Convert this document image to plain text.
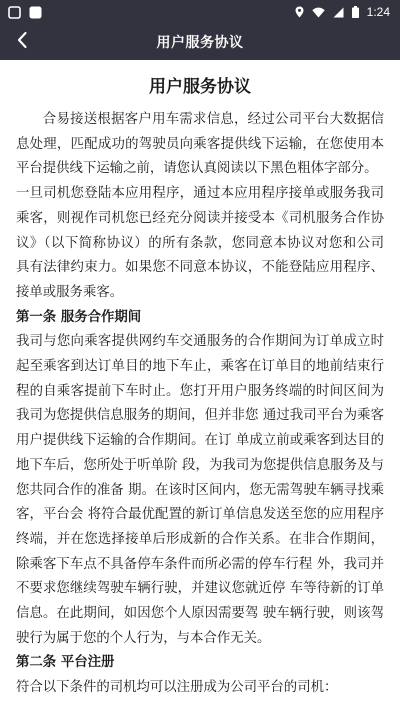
1:24
用户服务协议
用户服务协议

合易接送根据客户用车需求信息，经过公司平台大数据信息处理，匹配成功的驾驶员向乘客提供线下运输，在您使用本平台提供线下运输之前，请您认真阅读以下黑色粗体字部分。

一旦司机您登陆本应用程序，通过本应用程序接单或服务我司乘客，则视作司机您已经充分阅读并接受本《司机服务合作协议》（以下简称协议）的所有条款，您同意本协议对您和公司具有法律约束力。如果您不同意本协议，不能登陆应用程序、接单或服务乘客。

第一条 服务合作期间

我司与您向乘客提供网约车交通服务的合作期间为订单成立时起至乘客到达订单目的地下车止，乘客在订单目的地前结束行程的自乘客提前下车时止。您打开用户服务终端的时间区间为我司为您提供信息服务的期间，但并非您 通过我司平台为乘客用户提供线下运输的合作期间。在订 单成立前或乘客到达目的地下车后，您所处于听单阶 段，为我司为您提供信息服务及与您共同合作的准备 期。在该时区间内，您无需驾驶车辆寻找乘客，平台会 将符合最优配置的新订单信息发送至您的应用程序终端，并在您选择接单后形成新的合作关系。在非合作期间，除乘客下车点不具备停车条件而所必需的停车行程 外，我司并不要求您继续驾驶车辆行驶，并建议您就近停 车等待新的订单信息。在此期间，如因您个人原因需要驾 驶车辆行驶，则该驾驶行为属于您的个人行为，与本合作无关。

第二条 平台注册

符合以下条件的司机均可以注册成为公司平台的司机：
